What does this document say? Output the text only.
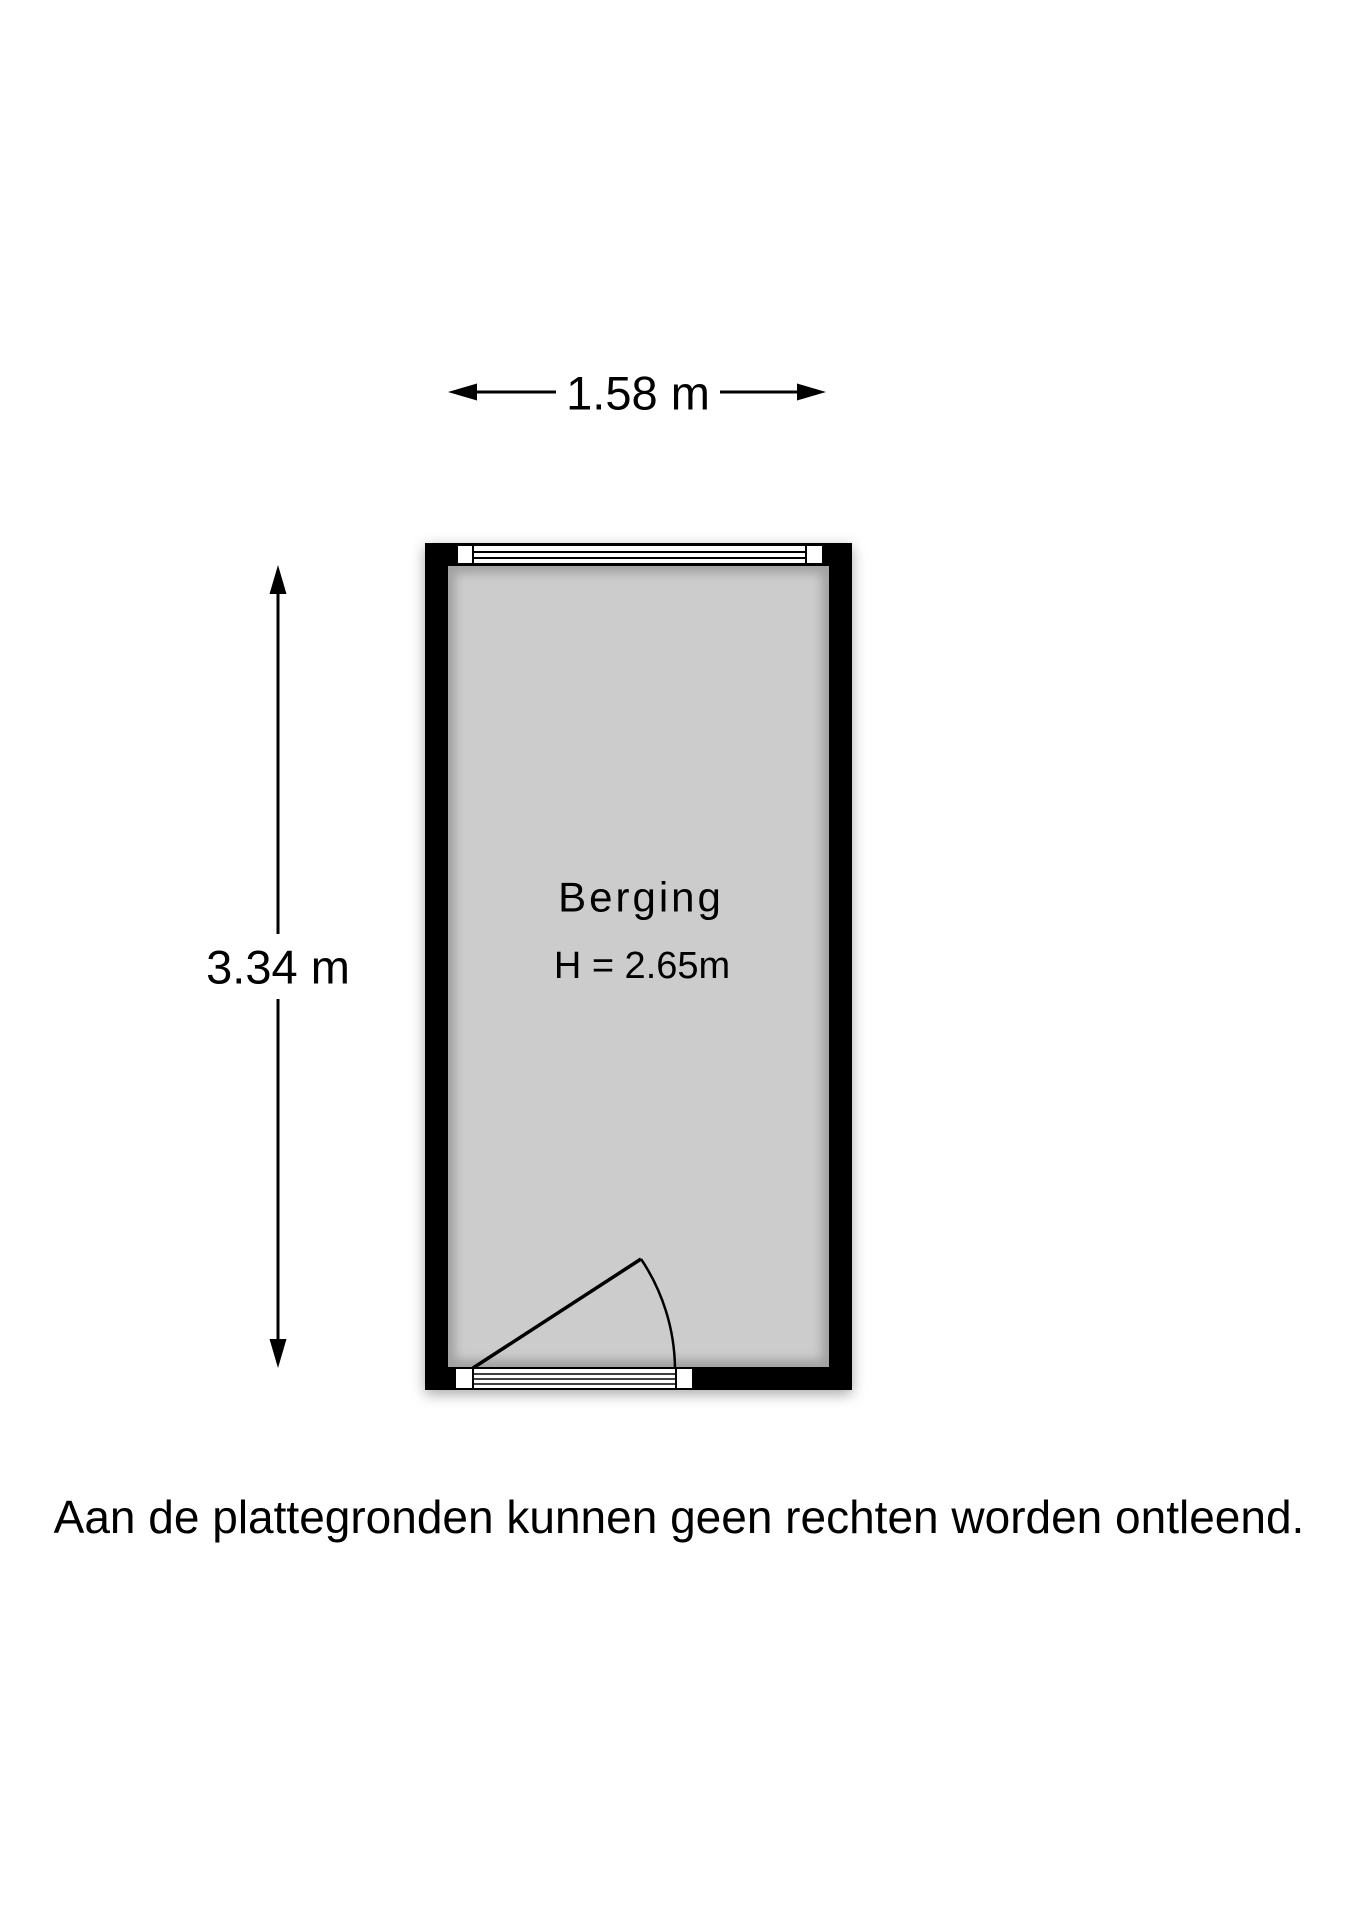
Berging
H = 2.65m
1.58 m
3.34 m
Aan de plattegronden kunnen geen rechten worden ontleend.
